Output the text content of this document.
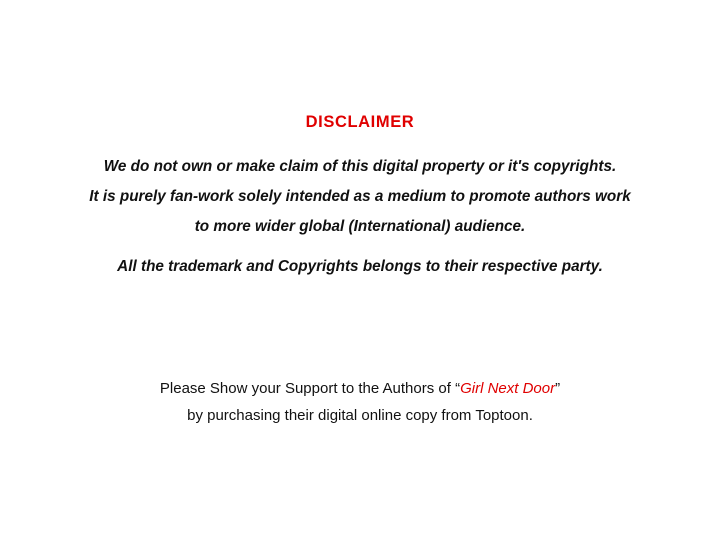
DISCLAIMER
We do not own or make claim of this digital property or it's copyrights.
It is purely fan-work solely intended as a medium to promote authors work
to more wider global (International) audience.
All the trademark and Copyrights belongs to their respective party.
Please Show your Support to the Authors of “Girl Next Door”
by purchasing their digital online copy from Toptoon.
